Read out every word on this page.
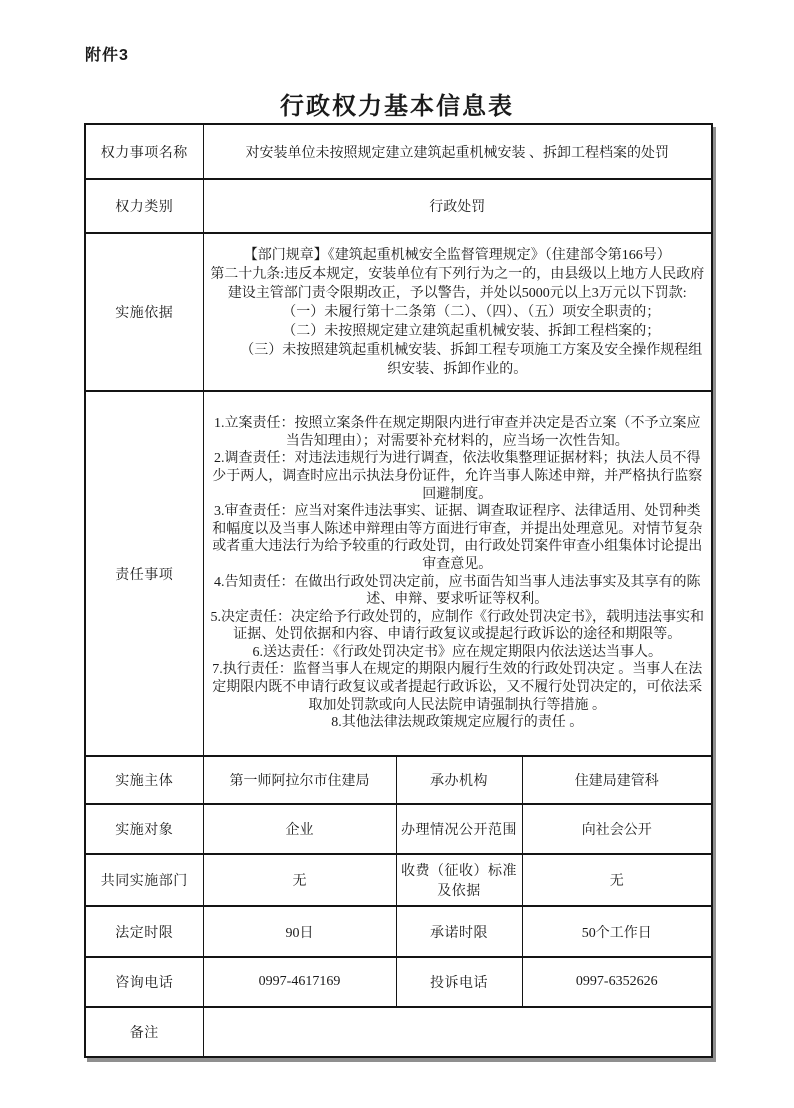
附件3
行政权力基本信息表
权力事项名称	对安装单位未按照规定建立建筑起重机械安装 、拆卸工程档案的处罚		
权力类别	行政处罚		
实施依据	【部门规章】《建筑起重机械安全监督管理规定》（住建部令第166号）

第二十九条:违反本规定，安装单位有下列行为之一的，由县级以上地方人民政府建设主管部门责令限期改正，予以警告，并处以5000元以上3万元以下罚款:

（一）未履行第十二条第（二）、（四）、（五）项安全职责的；

（二）未按照规定建立建筑起重机械安装、拆卸工程档案的；

（三）未按照建筑起重机械安装、拆卸工程专项施工方案及安全操作规程组织安装、拆卸作业的。		

责任事项	

1.立案责任：按照立案条件在规定期限内进行审查并决定是否立案（不予立案应当告知理由）；对需要补充材料的，应当场一次性告知。

2.调查责任：对违法违规行为进行调查，依法收集整理证据材料；执法人员不得少于两人，调查时应出示执法身份证件，允许当事人陈述申辩，并严格执行监察回避制度。

3.审查责任：应当对案件违法事实、证据、调查取证程序、法律适用、处罚种类和幅度以及当事人陈述申辩理由等方面进行审查，并提出处理意见。对情节复杂或者重大违法行为给予较重的行政处罚，由行政处罚案件审查小组集体讨论提出审查意见。

4.告知责任：在做出行政处罚决定前，应书面告知当事人违法事实及其享有的陈述、申辩、要求听证等权利。

5.决定责任：决定给予行政处罚的，应制作《行政处罚决定书》，载明违法事实和证据、处罚依据和内容、申请行政复议或提起行政诉讼的途径和期限等。

6.送达责任：《行政处罚决定书》应在规定期限内依法送达当事人。

7.执行责任：监督当事人在规定的期限内履行生效的行政处罚决定 。当事人在法定期限内既不申请行政复议或者提起行政诉讼，又不履行处罚决定的，可依法采取加处罚款或向人民法院申请强制执行等措施 。

8.其他法律法规政策规定应履行的责任 。

实施主体	第一师阿拉尔市住建局	承办机构	住建局建管科
实施对象	企业	办理情况公开范围	向社会公开
共同实施部门	无	收费（征收）标准及依据	无
法定时限	90日	承诺时限	50个工作日
咨询电话	0997-4617169	投诉电话	0997-6352626
备注			
